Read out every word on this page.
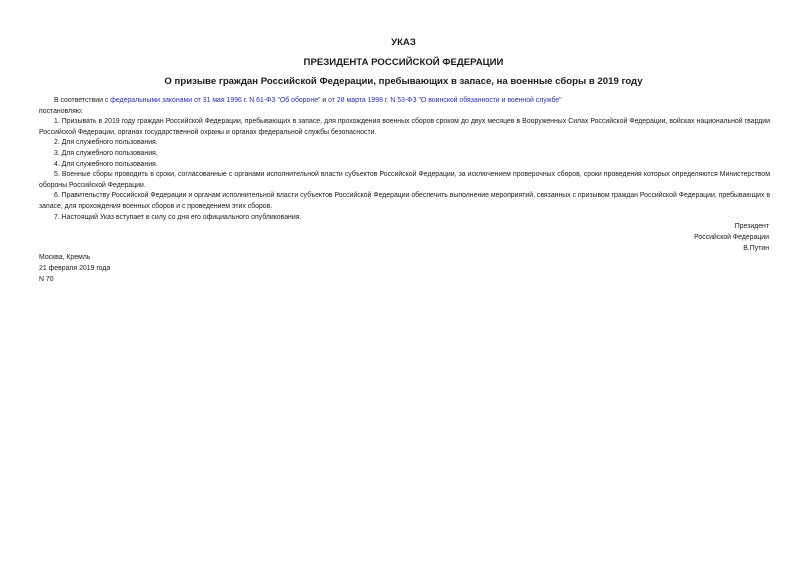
УКАЗ
ПРЕЗИДЕНТА РОССИЙСКОЙ ФЕДЕРАЦИИ
О призыве граждан Российской Федерации, пребывающих в запасе, на военные сборы в 2019 году

В соответствии с федеральными законами от 31 мая 1996 г. N 61-ФЗ "Об обороне" и от 28 марта 1998 г. N 53-ФЗ "О воинской обязанности и военной службе"

постановляю:

1. Призывать в 2019 году граждан Российской Федерации, пребывающих в запасе, для прохождения военных сборов сроком до двух месяцев в Вооруженных Силах Российской Федерации, войсках национальной гвардии Российской Федерации, органах государственной охраны и органах федеральной службы безопасности.

2. Для служебного пользования.

3. Для служебного пользования.

4. Для служебного пользования.

5. Военные сборы проводить в сроки, согласованные с органами исполнительной власти субъектов Российской Федерации, за исключением проверочных сборов, сроки проведения которых определяются Министерством обороны Российской Федерации.

6. Правительству Российской Федерации и органам исполнительной власти субъектов Российской Федерации обеспечить выполнение мероприятий, связанных с призывом граждан Российской Федерации, пребывающих в запасе, для прохождения военных сборов и с проведением этих сборов.

7. Настоящий Указ вступает в силу со дня его официального опубликования.

Президент
Российской Федерации
В.Путин
Москва, Кремль
21 февраля 2019 года
N 70
